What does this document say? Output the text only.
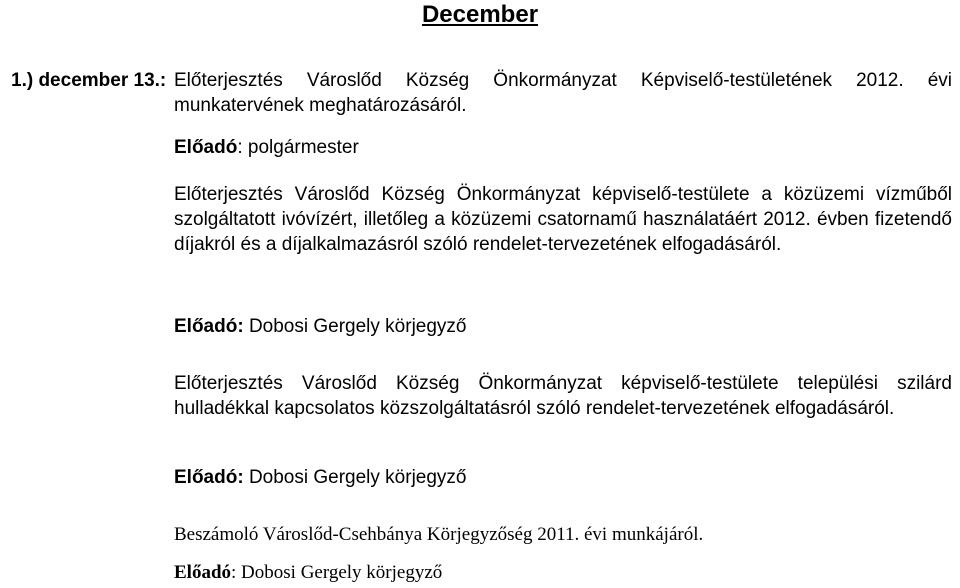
December
1.) december 13.: Előterjesztés Városlőd Község Önkormányzat Képviselő-testületének 2012. évi munkatervének meghatározásáról.
Előadó: polgármester
Előterjesztés Városlőd Község Önkormányzat képviselő-testülete a közüzemi vízműből szolgáltatott ivóvízért, illetőleg a közüzemi csatornamű használatáért 2012. évben fizetendő díjakról és a díjalkalmazásról szóló rendelet-tervezetének elfogadásáról.
Előadó: Dobosi Gergely körjegyző
Előterjesztés Városlőd Község Önkormányzat képviselő-testülete települési szilárd hulladékkal kapcsolatos közszolgáltatásról szóló rendelet-tervezetének elfogadásáról.
Előadó: Dobosi Gergely körjegyző
Beszámoló Városlőd-Csehbánya Körjegyzőség 2011. évi munkájáról.
Előadó: Dobosi Gergely körjegyző
